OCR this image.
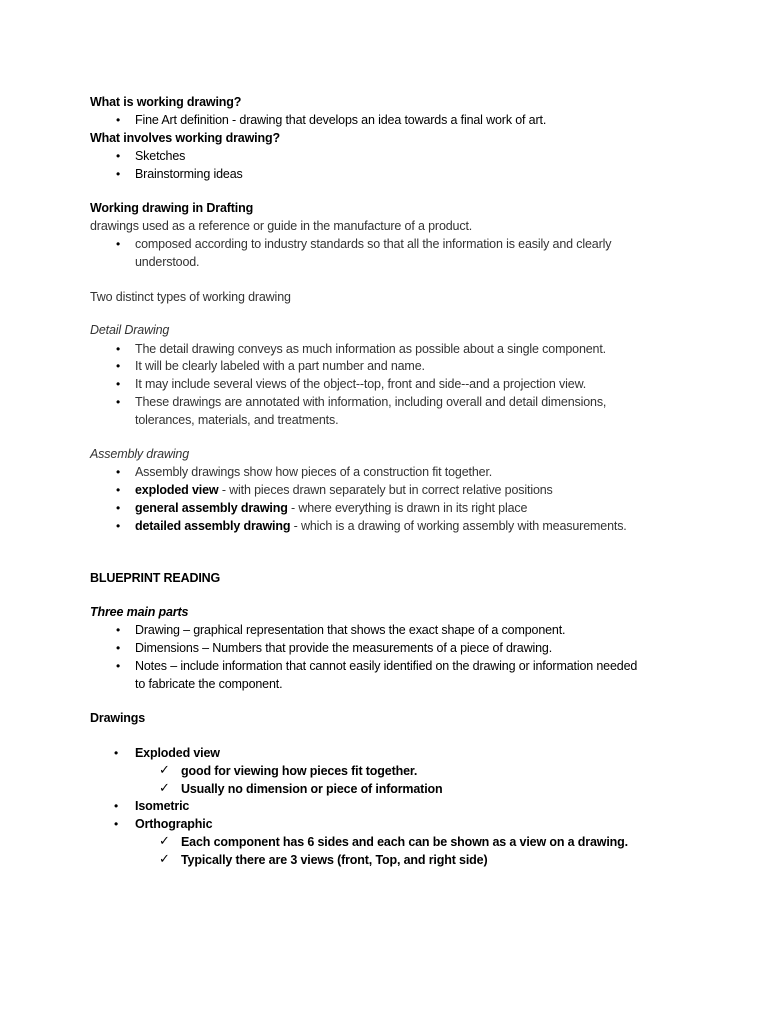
What is working drawing?
• Fine Art definition - drawing that develops an idea towards a final work of art.
What involves working drawing?
• Sketches
• Brainstorming ideas
Working drawing in Drafting
drawings used as a reference or guide in the manufacture of a product.
• composed according to industry standards so that all the information is easily and clearly
understood.
Two distinct types of working drawing
Detail Drawing
• The detail drawing conveys as much information as possible about a single component.
• It will be clearly labeled with a part number and name.
• It may include several views of the object--top, front and side--and a projection view.
• These drawings are annotated with information, including overall and detail dimensions,
tolerances, materials, and treatments.
Assembly drawing
• Assembly drawings show how pieces of a construction fit together.
• exploded view - with pieces drawn separately but in correct relative positions
• general assembly drawing - where everything is drawn in its right place
• detailed assembly drawing - which is a drawing of working assembly with measurements.
BLUEPRINT READING
Three main parts
• Drawing – graphical representation that shows the exact shape of a component.
• Dimensions – Numbers that provide the measurements of a piece of drawing.
• Notes – include information that cannot easily identified on the drawing or information needed
to fabricate the component.
Drawings
• Exploded view
✓ good for viewing how pieces fit together.
✓ Usually no dimension or piece of information
• Isometric
• Orthographic
✓ Each component has 6 sides and each can be shown as a view on a drawing.
✓ Typically there are 3 views (front, Top, and right side)
